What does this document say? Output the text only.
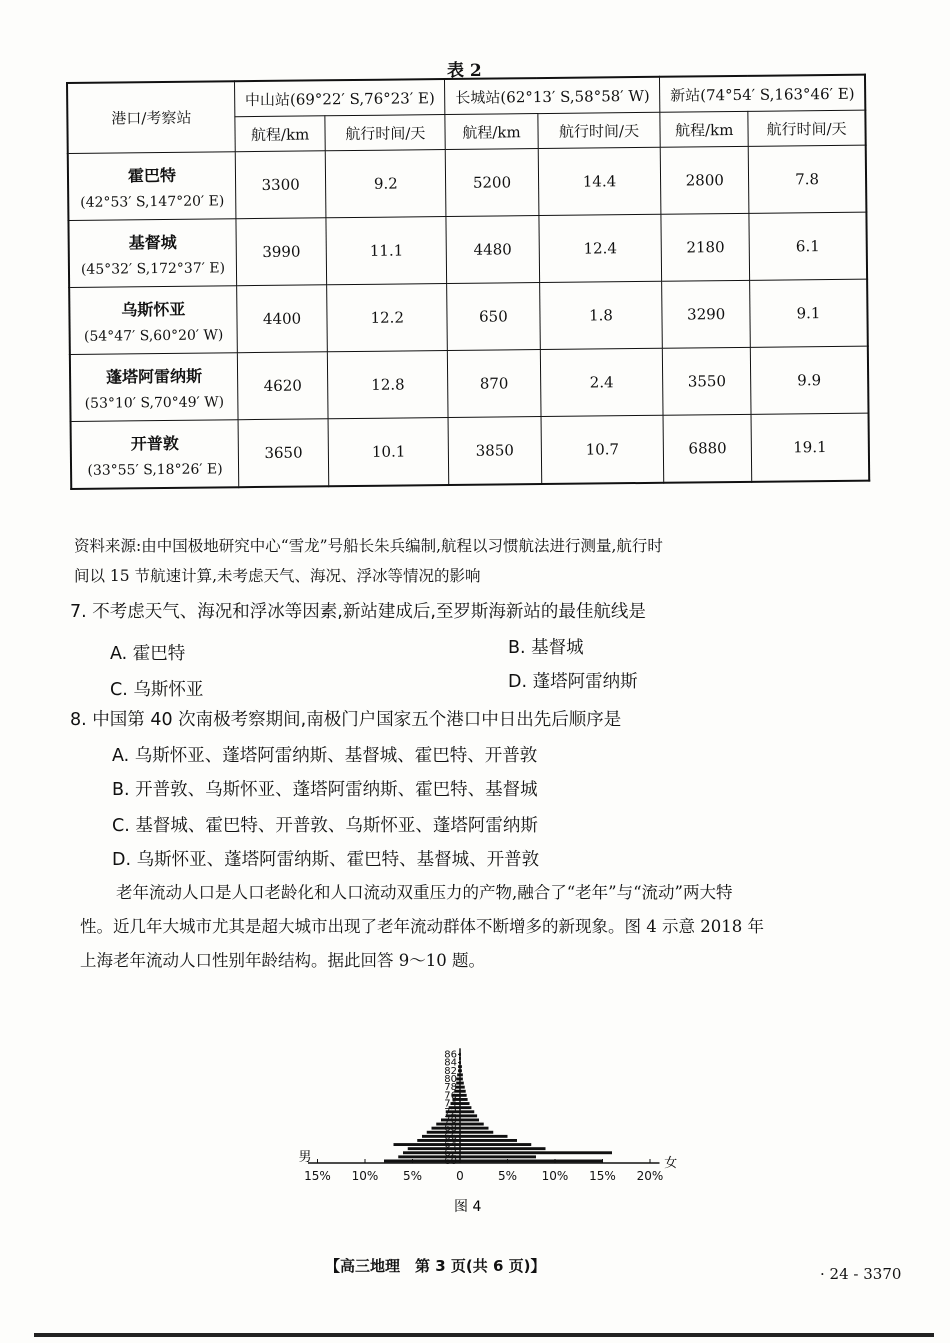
表 2
港口/考察站	中山站(69°22′ S,76°23′ E)		长城站(62°13′ S,58°58′ W)		新站(74°54′ S,163°46′ E)	
	航程/km	航行时间/天	航程/km	航行时间/天	航程/km	航行时间/天

霍巴特
(42°53′ S,147°20′ E)	3300	9.2	5200	14.4	2800	7.8

基督城
(45°32′ S,172°37′ E)	3990	11.1	4480	12.4	2180	6.1

乌斯怀亚
(54°47′ S,60°20′ W)	4400	12.2	650	1.8	3290	9.1

蓬塔阿雷纳斯
(53°10′ S,70°49′ W)	4620	12.8	870	2.4	3550	9.9

开普敦
(33°55′ S,18°26′ E)	3650	10.1	3850	10.7	6880	19.1
资料来源:由中国极地研究中心“雪龙”号船长朱兵编制,航程以习惯航法进行测量,航行时
间以 15 节航速计算,未考虑天气、海况、浮冰等情况的影响
7. 不考虑天气、海况和浮冰等因素,新站建成后,至罗斯海新站的最佳航线是
A. 霍巴特	B. 基督城
C. 乌斯怀亚	D. 蓬塔阿雷纳斯
8. 中国第 40 次南极考察期间,南极门户国家五个港口中日出先后顺序是
A. 乌斯怀亚、蓬塔阿雷纳斯、基督城、霍巴特、开普敦
B. 开普敦、乌斯怀亚、蓬塔阿雷纳斯、霍巴特、基督城
C. 基督城、霍巴特、开普敦、乌斯怀亚、蓬塔阿雷纳斯
D. 乌斯怀亚、蓬塔阿雷纳斯、霍巴特、基督城、开普敦
老年流动人口是人口老龄化和人口流动双重压力的产物,融合了“老年”与“流动”两大特
性。近几年大城市尤其是超大城市出现了老年流动群体不断增多的新现象。图 4 示意 2018 年
上海老年流动人口性别年龄结构。据此回答 9～10 题。
60
62
64
66
68
70
72
74
76
78
80
82
84
86
15% 10% 5%	0	5% 10% 15% 20%
男	女
图 4
【高三地理　第 3 页(共 6 页)】	· 24 - 3370
